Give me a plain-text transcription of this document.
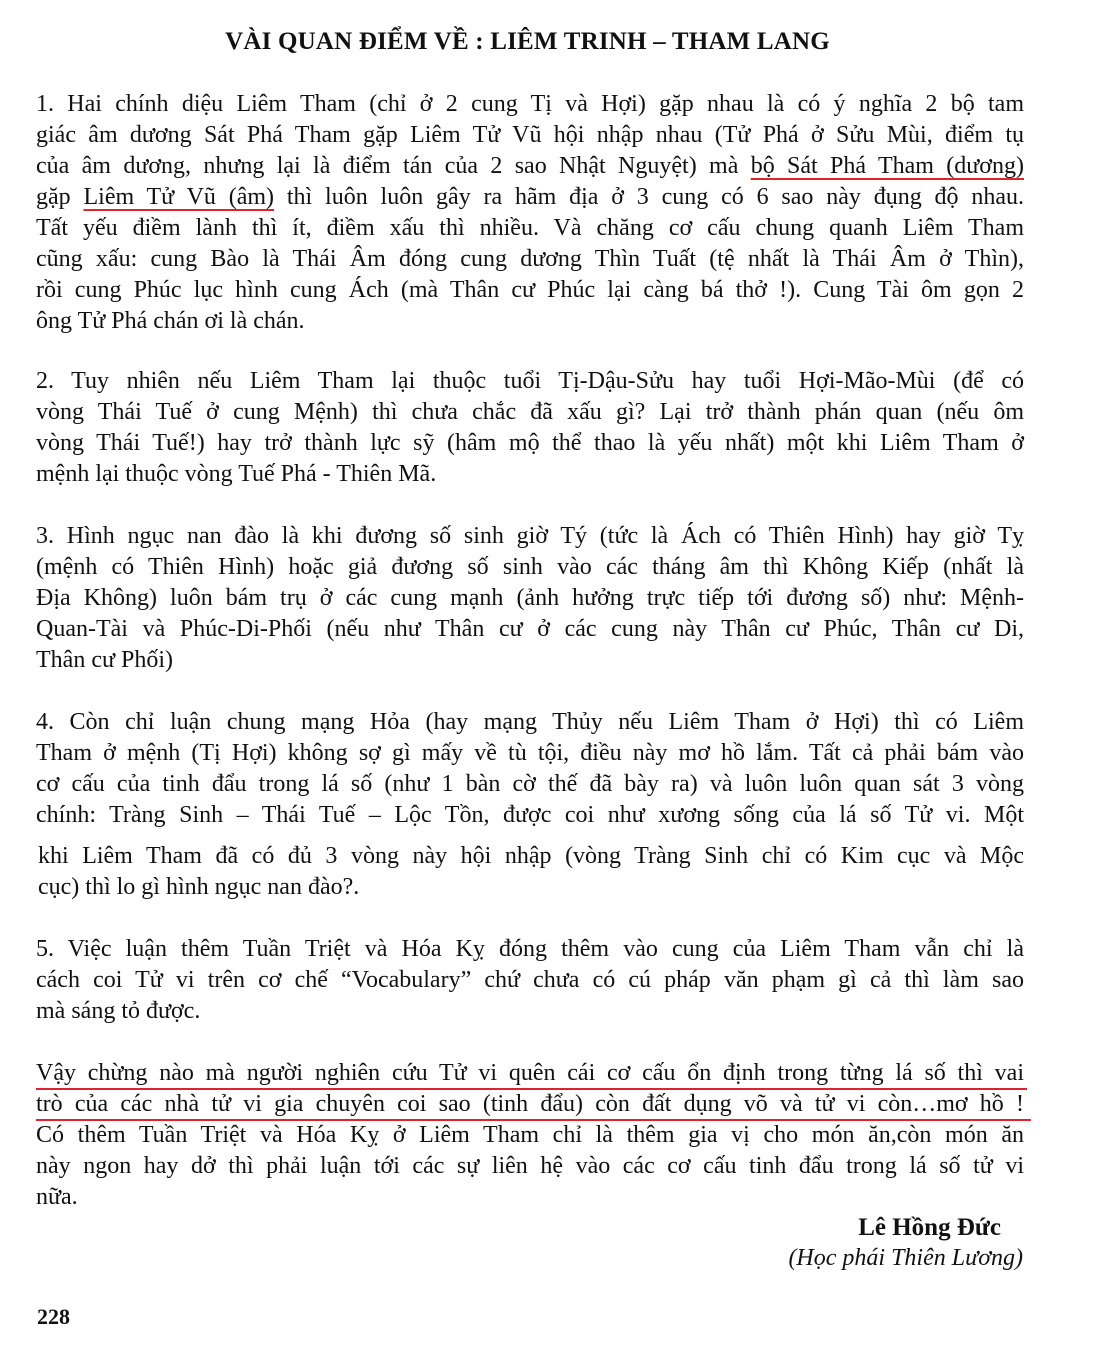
VÀI QUAN ĐIỂM VỀ : LIÊM TRINH – THAM LANG
1. Hai chính diệu Liêm Tham (chỉ ở 2 cung Tị và Hợi) gặp nhau là có ý nghĩa 2 bộ tam
giác âm dương Sát Phá Tham gặp Liêm Tử Vũ hội nhập nhau (Tử Phá ở Sửu Mùi, điểm tụ
của âm dương, nhưng lại là điểm tán của 2 sao Nhật Nguyệt) mà bộ Sát Phá Tham (dương)
gặp Liêm Tử Vũ (âm) thì luôn luôn gây ra hãm địa ở 3 cung có 6 sao này đụng độ nhau.
Tất yếu điềm lành thì ít, điềm xấu thì nhiều. Và chăng cơ cấu chung quanh Liêm Tham
cũng xấu: cung Bào là Thái Âm đóng cung dương Thìn Tuất (tệ nhất là Thái Âm ở Thìn),
rồi cung Phúc lục hình cung Ách (mà Thân cư Phúc lại càng bá thở !). Cung Tài ôm gọn 2
ông Tử Phá chán ơi là chán.
2. Tuy nhiên nếu Liêm Tham lại thuộc tuổi Tị-Dậu-Sửu hay tuổi Hợi-Mão-Mùi (để có
vòng Thái Tuế ở cung Mệnh) thì chưa chắc đã xấu gì? Lại trở thành phán quan (nếu ôm
vòng Thái Tuế!) hay trở thành lực sỹ (hâm mộ thể thao là yếu nhất) một khi Liêm Tham ở
mệnh lại thuộc vòng Tuế Phá - Thiên Mã.
3. Hình ngục nan đào là khi đương số sinh giờ Tý (tức là Ách có Thiên Hình) hay giờ Tỵ
(mệnh có Thiên Hình) hoặc giả đương số sinh vào các tháng âm thì Không Kiếp (nhất là
Địa Không) luôn bám trụ ở các cung mạnh (ảnh hưởng trực tiếp tới đương số) như: Mệnh-
Quan-Tài và Phúc-Di-Phối (nếu như Thân cư ở các cung này Thân cư Phúc, Thân cư Di,
Thân cư Phối)
4. Còn chỉ luận chung mạng Hỏa (hay mạng Thủy nếu Liêm Tham ở Hợi) thì có Liêm
Tham ở mệnh (Tị Hợi) không sợ gì mấy về tù tội, điều này mơ hồ lắm. Tất cả phải bám vào
cơ cấu của tinh đẩu trong lá số (như 1 bàn cờ thế đã bày ra) và luôn luôn quan sát 3 vòng
chính: Tràng Sinh – Thái Tuế – Lộc Tồn, được coi như xương sống của lá số Tử vi. Một
khi Liêm Tham đã có đủ 3 vòng này hội nhập (vòng Tràng Sinh chỉ có Kim cục và Mộc
cục) thì lo gì hình ngục nan đào?.
5. Việc luận thêm Tuần Triệt và Hóa Kỵ đóng thêm vào cung của Liêm Tham vẫn chỉ là
cách coi Tử vi trên cơ chế “Vocabulary” chứ chưa có cú pháp văn phạm gì cả thì làm sao
mà sáng tỏ được.
Vậy chừng nào mà người nghiên cứu Tử vi quên cái cơ cấu ổn định trong từng lá số thì vai
trò của các nhà tử vi gia chuyên coi sao (tinh đẩu) còn đất dụng võ và tử vi còn…mơ hồ !
Có thêm Tuần Triệt và Hóa Kỵ ở Liêm Tham chỉ là thêm gia vị cho món ăn,còn món ăn
này ngon hay dở thì phải luận tới các sự liên hệ vào các cơ cấu tinh đẩu trong lá số tử vi
nữa.
Lê Hồng Đức
(Học phái Thiên Lương)
228
